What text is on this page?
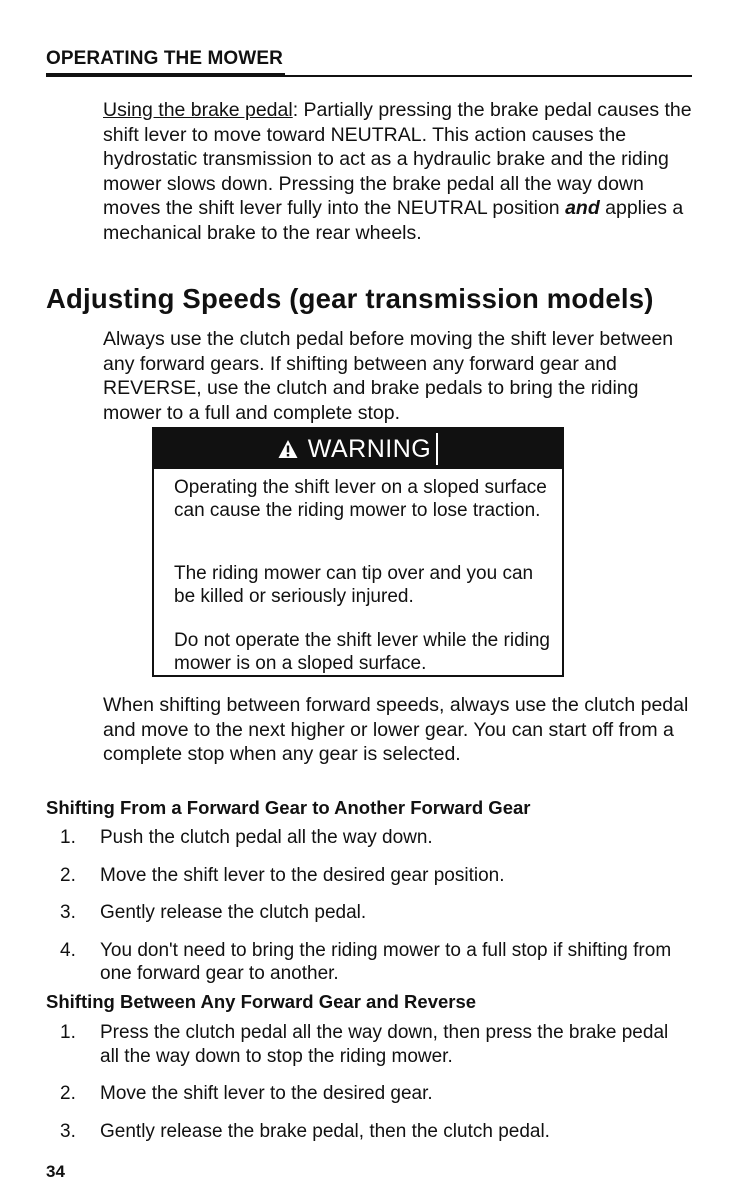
OPERATING THE MOWER
Using the brake pedal: Partially pressing the brake pedal causes the shift lever to move toward NEUTRAL. This action causes the hydrostatic transmission to act as a hydraulic brake and the riding mower slows down. Pressing the brake pedal all the way down moves the shift lever fully into the NEUTRAL position and applies a mechanical brake to the rear wheels.
Adjusting Speeds (gear transmission models)
Always use the clutch pedal before moving the shift lever between any forward gears. If shifting between any forward gear and REVERSE, use the clutch and brake pedals to bring the riding mower to a full and complete stop.
WARNING
Operating the shift lever on a sloped surface can cause the riding mower to lose traction.
The riding mower can tip over and you can be killed or seriously injured.
Do not operate the shift lever while the riding mower is on a sloped surface.
When shifting between forward speeds, always use the clutch pedal and move to the next higher or lower gear. You can start off from a complete stop when any gear is selected.
Shifting From a Forward Gear to Another Forward Gear
1. Push the clutch pedal all the way down.
2. Move the shift lever to the desired gear position.
3. Gently release the clutch pedal.
4. You don't need to bring the riding mower to a full stop if shifting from one forward gear to another.
Shifting Between Any Forward Gear and Reverse
1. Press the clutch pedal all the way down, then press the brake pedal all the way down to stop the riding mower.
2. Move the shift lever to the desired gear.
3. Gently release the brake pedal, then the clutch pedal.
34
